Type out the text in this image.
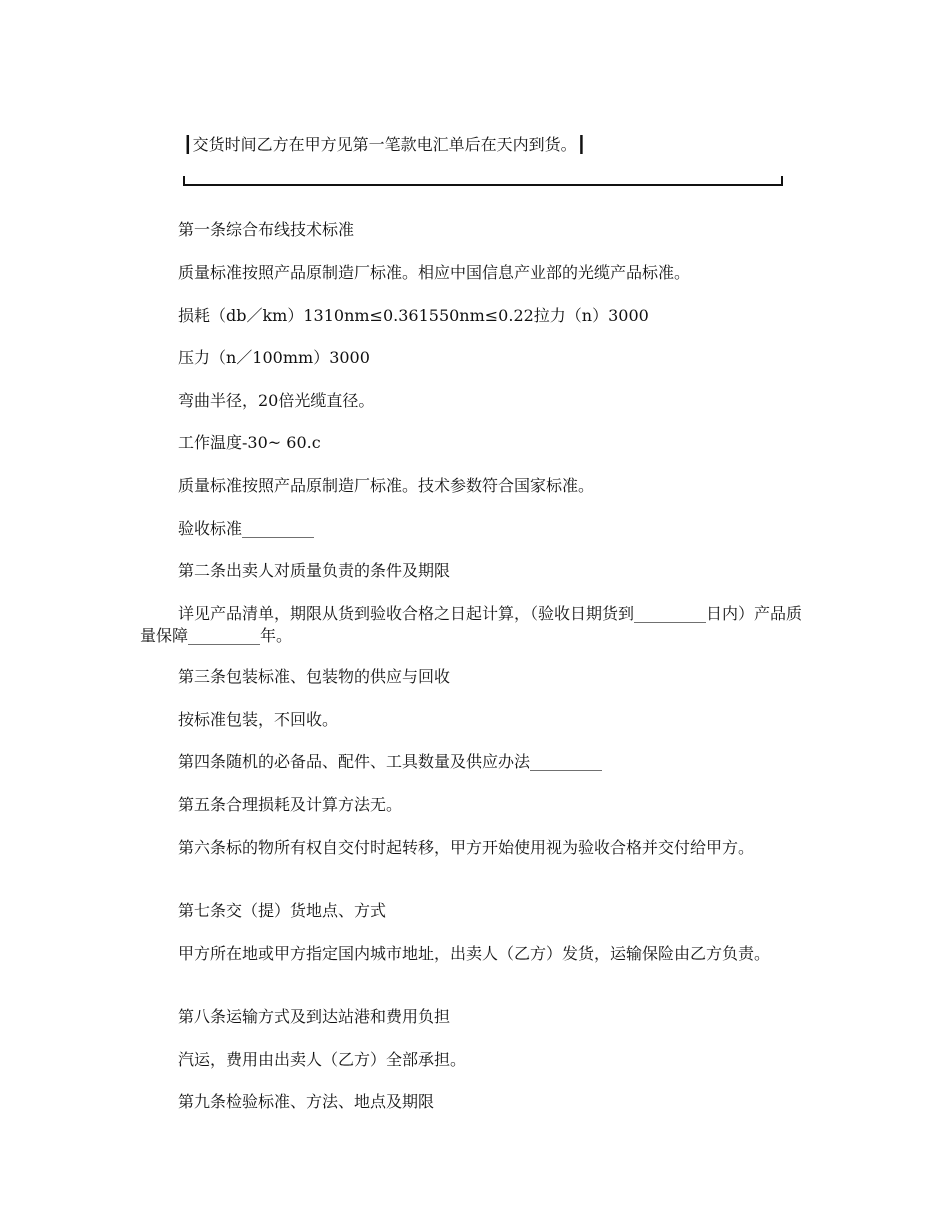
┃交货时间乙方在甲方见第一笔款电汇单后在天内到货。┃
第一条综合布线技术标准
质量标准按照产品原制造厂标准。相应中国信息产业部的光缆产品标准。
损耗（db／km）1310nm≤0.361550nm≤0.22拉力（n）3000
压力（n／100mm）3000
弯曲半径，20倍光缆直径。
工作温度-30~ 60.c
质量标准按照产品原制造厂标准。技术参数符合国家标准。
验收标准_________
第二条出卖人对质量负责的条件及期限
详见产品清单，期限从货到验收合格之日起计算，（验收日期货到_________日内）产品质量保障_________年。
第三条包装标准、包装物的供应与回收
按标准包装，不回收。
第四条随机的必备品、配件、工具数量及供应办法_________
第五条合理损耗及计算方法无。
第六条标的物所有权自交付时起转移，甲方开始使用视为验收合格并交付给甲方。
第七条交（提）货地点、方式
甲方所在地或甲方指定国内城市地址，出卖人（乙方）发货，运输保险由乙方负责。
第八条运输方式及到达站港和费用负担
汽运，费用由出卖人（乙方）全部承担。
第九条检验标准、方法、地点及期限
